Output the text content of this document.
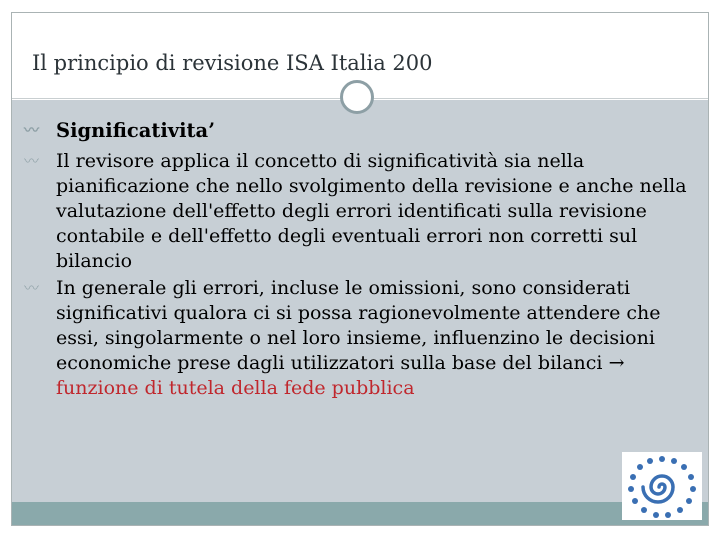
Il principio di revisione ISA Italia 200
〰 Significativita’
〰 Il revisore applica il concetto di significatività sia nella pianificazione che nello svolgimento della revisione e anche nella valutazione dell'effetto degli errori identificati sulla revisione contabile e dell'effetto degli eventuali errori non corretti sul bilancio
〰 In generale gli errori, incluse le omissioni, sono considerati significativi qualora ci si possa ragionevolmente attendere che essi, singolarmente o nel loro insieme, influenzino le decisioni economiche prese dagli utilizzatori sulla base del bilanci → funzione di tutela della fede pubblica
